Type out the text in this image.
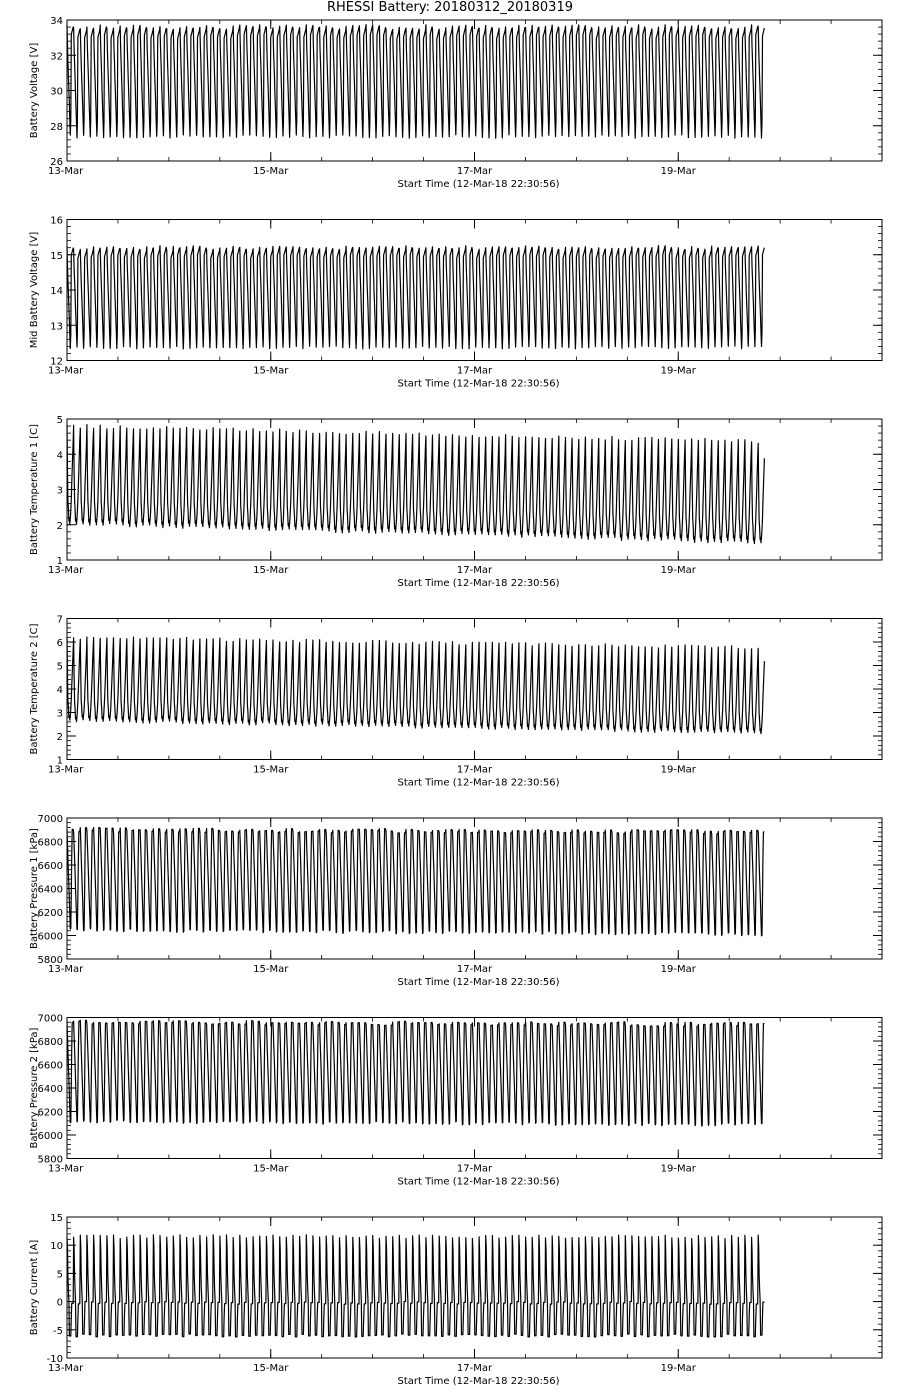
RHESSI Battery: 20180312_20180319
26
28
30
32
34
13-Mar	15-Mar	17-Mar	19-Mar
Start Time (12-Mar-18 22:30:56)
Battery Voltage [V]
12
13
14
15
16
13-Mar	15-Mar	17-Mar	19-Mar
Start Time (12-Mar-18 22:30:56)
Mid Battery Voltage [V]
1
2
3
4
5
13-Mar	15-Mar	17-Mar	19-Mar
Start Time (12-Mar-18 22:30:56)
Battery Temperature 1 [C]
1
2
3
4
5
6
7
13-Mar	15-Mar	17-Mar	19-Mar
Start Time (12-Mar-18 22:30:56)
Battery Temperature 2 [C]
5800
6000
6200
6400
6600
6800
7000
13-Mar	15-Mar	17-Mar	19-Mar
Start Time (12-Mar-18 22:30:56)
Battery Pressure 1 [kPa]
5800
6000
6200
6400
6600
6800
7000
13-Mar	15-Mar	17-Mar	19-Mar
Start Time (12-Mar-18 22:30:56)
Battery Pressure 2 [kPa]
-10
-5
0
5
10
15
13-Mar	15-Mar	17-Mar	19-Mar
Start Time (12-Mar-18 22:30:56)
Battery Current [A]
